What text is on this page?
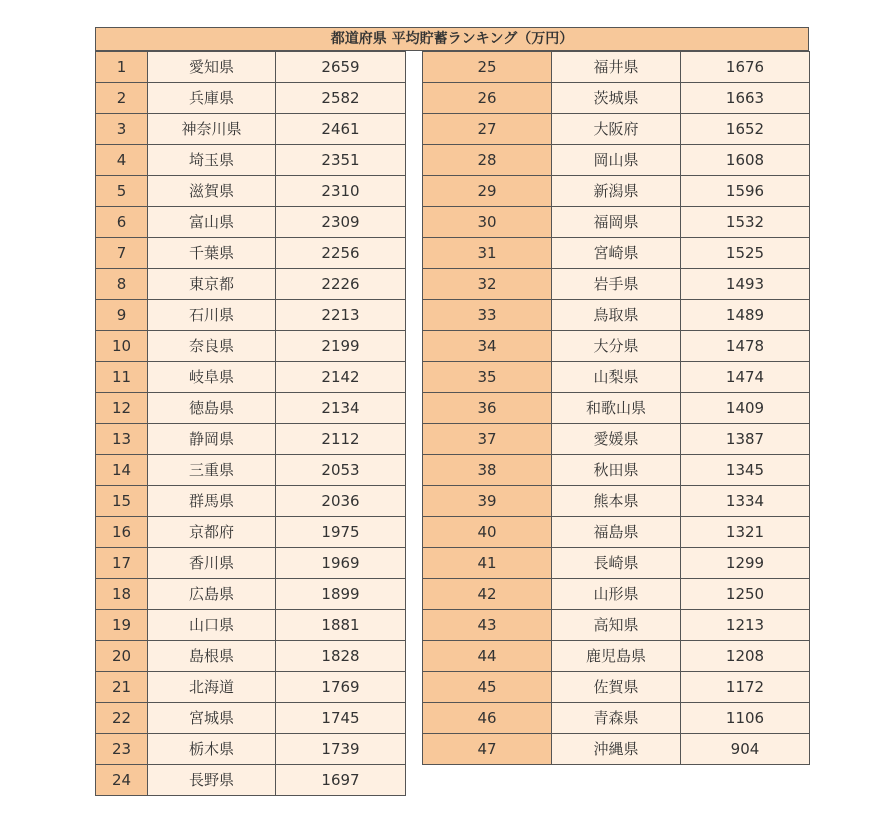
都道府県 平均貯蓄ランキング（万円）
1	愛知県	2659
2	兵庫県	2582
3	神奈川県	2461
4	埼玉県	2351
5	滋賀県	2310
6	富山県	2309
7	千葉県	2256
8	東京都	2226
9	石川県	2213
10	奈良県	2199
11	岐阜県	2142
12	徳島県	2134
13	静岡県	2112
14	三重県	2053
15	群馬県	2036
16	京都府	1975
17	香川県	1969
18	広島県	1899
19	山口県	1881
20	島根県	1828
21	北海道	1769
22	宮城県	1745
23	栃木県	1739
24	長野県	1697
25	福井県	1676
26	茨城県	1663
27	大阪府	1652
28	岡山県	1608
29	新潟県	1596
30	福岡県	1532
31	宮崎県	1525
32	岩手県	1493
33	鳥取県	1489
34	大分県	1478
35	山梨県	1474
36	和歌山県	1409
37	愛媛県	1387
38	秋田県	1345
39	熊本県	1334
40	福島県	1321
41	長崎県	1299
42	山形県	1250
43	高知県	1213
44	鹿児島県	1208
45	佐賀県	1172
46	青森県	1106
47	沖縄県	904
